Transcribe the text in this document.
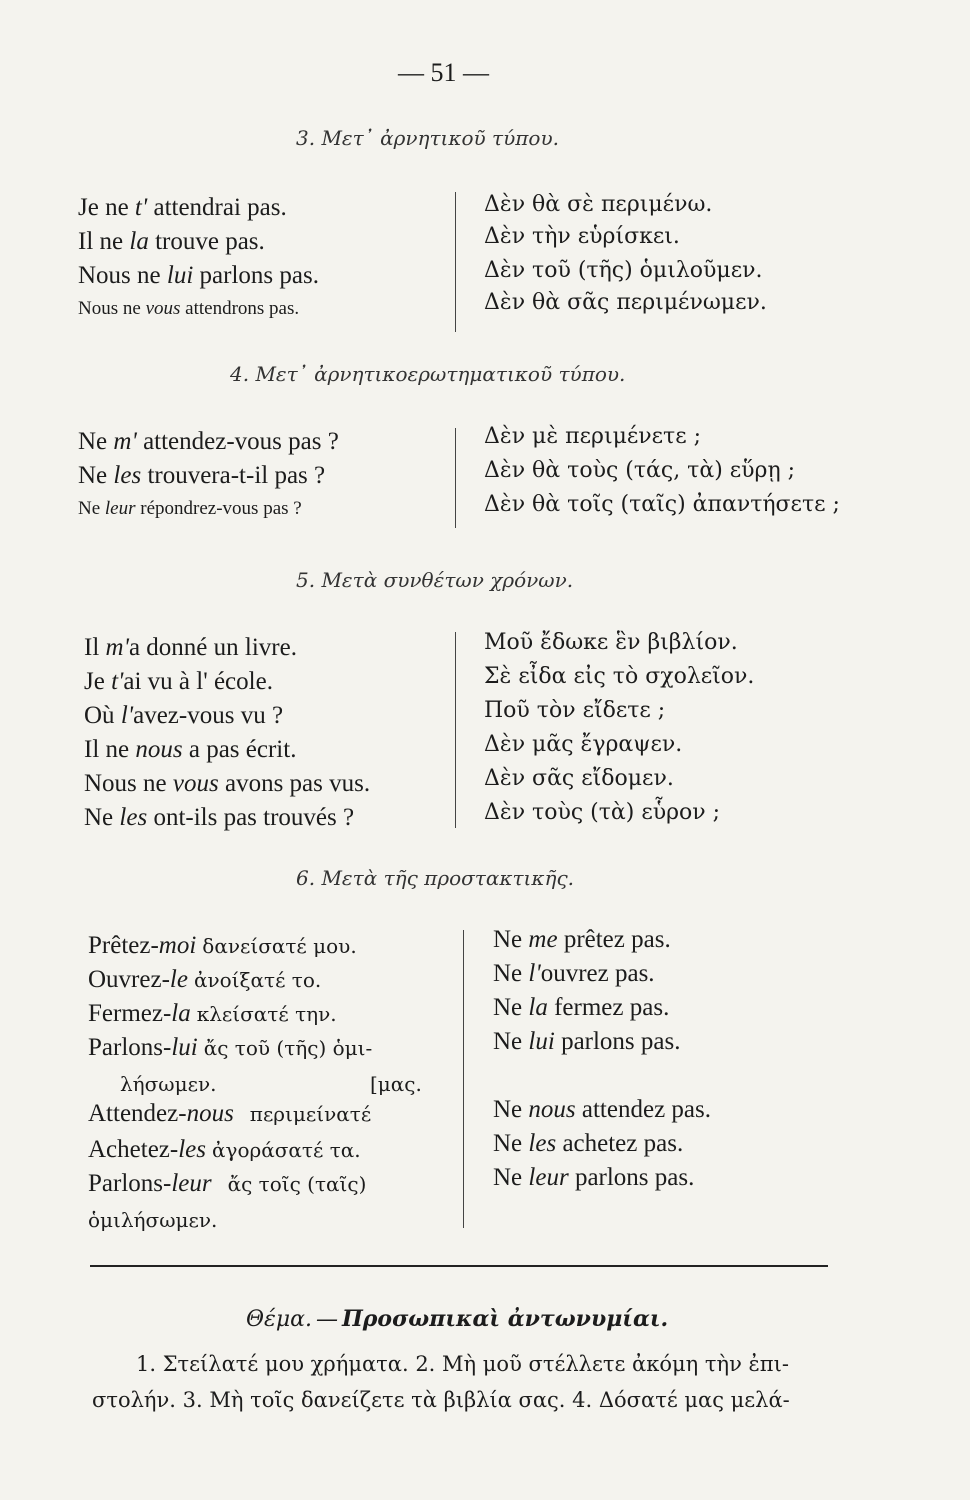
— 51 —
3. Μετ᾽ ἀρνητικοῦ τύπου.
Je ne t' attendrai pas.
Il ne la trouve pas.
Nous ne lui parlons pas.
Nous ne vous attendrons pas.
Δὲν θὰ σὲ περιμένω.
Δὲν τὴν εὑρίσκει.
Δὲν τοῦ (τῆς) ὁμιλοῦμεν.
Δὲν θὰ σᾶς περιμένωμεν.
4. Μετ᾽ ἀρνητικοερωτηματικοῦ τύπου.
Ne m' attendez-vous pas ?
Ne les trouvera-t-il pas ?
Ne leur répondrez-vous pas ?
Δὲν μὲ περιμένετε ;
Δὲν θὰ τοὺς (τάς, τὰ) εὕρῃ ;
Δὲν θὰ τοῖς (ταῖς) ἀπαντήσετε ;
5. Μετὰ συνθέτων χρόνων.
Il m'a donné un livre.
Je t'ai vu à l' école.
Où l'avez-vous vu ?
Il ne nous a pas écrit.
Nous ne vous avons pas vus.
Ne les ont-ils pas trouvés ?
Μοῦ ἔδωκε ἓν βιβλίον.
Σὲ εἶδα εἰς τὸ σχολεῖον.
Ποῦ τὸν εἴδετε ;
Δὲν μᾶς ἔγραψεν.
Δὲν σᾶς εἴδομεν.
Δὲν τοὺς (τὰ) εὗρον ;
6. Μετὰ τῆς προστακτικῆς.
Prêtez-moi δανείσατέ μου.
Ouvrez-le ἀνοίξατέ το.
Fermez-la κλείσατέ την.
Parlons-lui ἄς τοῦ (τῆς) ὁμι-
λήσωμεν.	[μας.
Attendez-nous περιμείνατέ
Achetez-les ἀγοράσατέ τα.
Parlons-leur ἄς τοῖς (ταῖς)
ὁμιλήσωμεν.
Ne me prêtez pas.
Ne l'ouvrez pas.
Ne la fermez pas.
Ne lui parlons pas.
Ne nous attendez pas.
Ne les achetez pas.
Ne leur parlons pas.
Θέμα. — Προσωπικαὶ ἀντωνυμίαι.
1. Στείλατέ μου χρήματα. 2. Μὴ μοῦ στέλλετε ἀκόμη τὴν ἐπι-
στολήν. 3. Μὴ τοῖς δανείζετε τὰ βιβλία σας. 4. Δόσατέ μας μελά-
